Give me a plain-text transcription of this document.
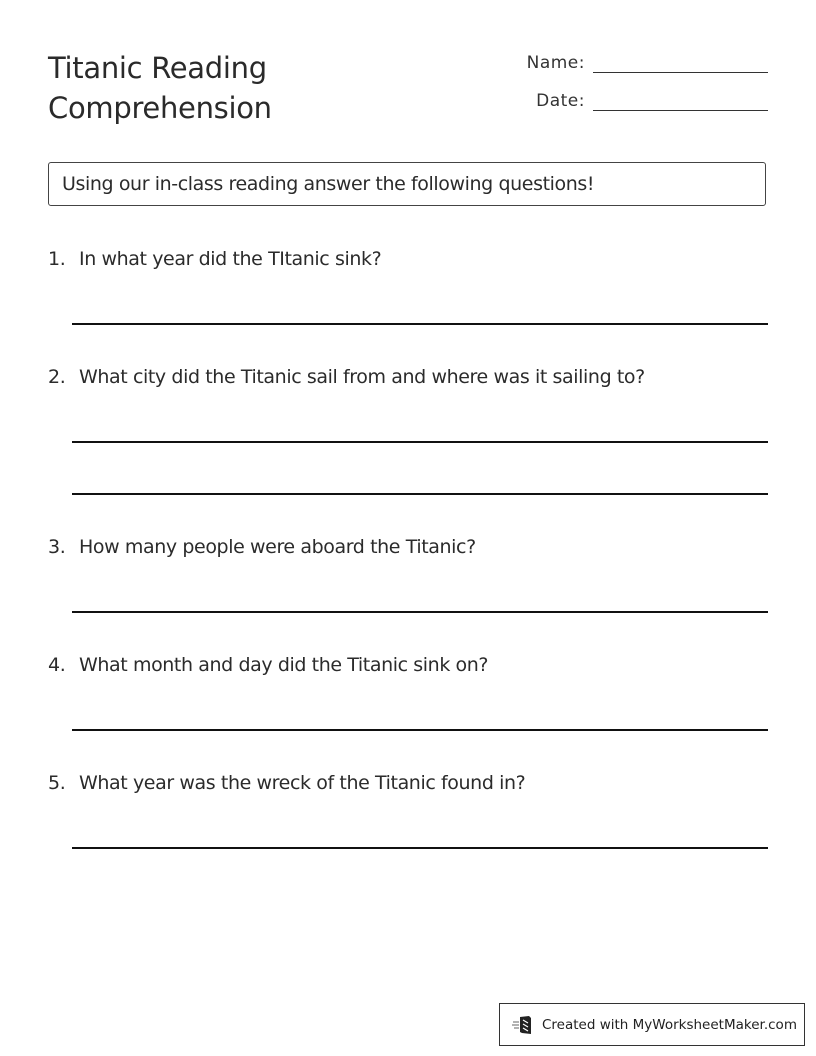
Titanic Reading
Comprehension
Name:
Date:
Using our in-class reading answer the following questions!
1. In what year did the TItanic sink?
2. What city did the Titanic sail from and where was it sailing to?
3. How many people were aboard the Titanic?
4. What month and day did the Titanic sink on?
5. What year was the wreck of the Titanic found in?
Created with MyWorksheetMaker.com
